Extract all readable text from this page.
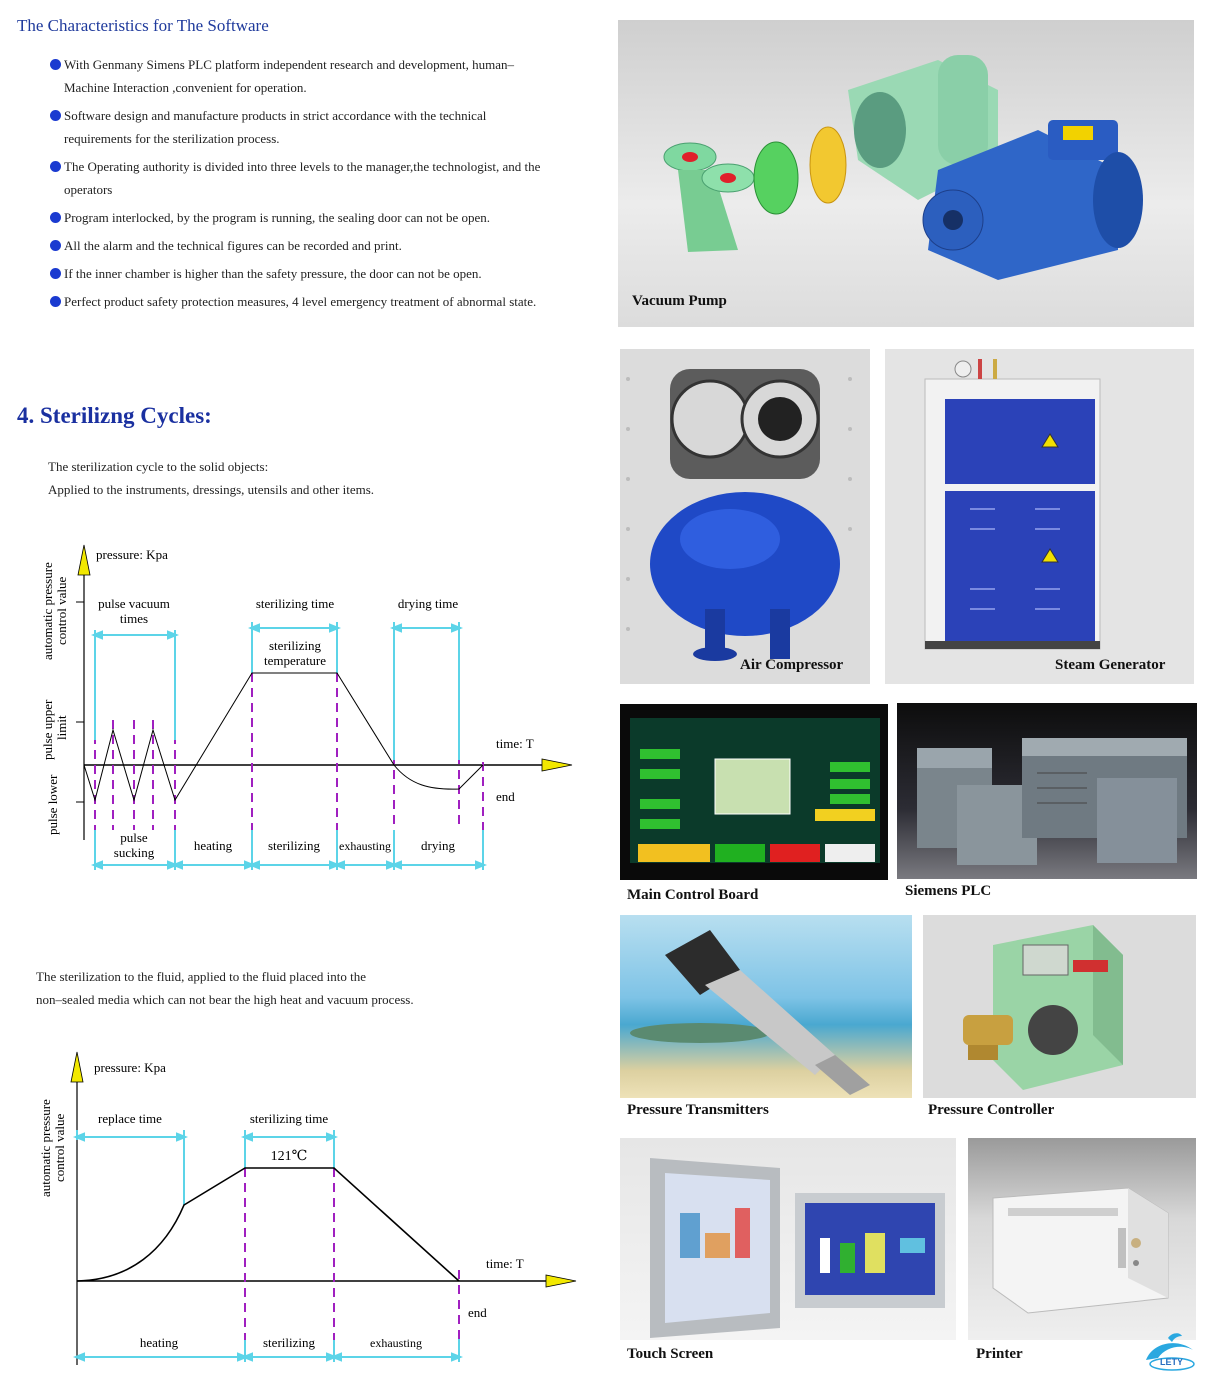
The Characteristics for The Software
With Genmany Simens PLC platform independent research and development, human–
Machine Interaction ,convenient for operation.
Software design and manufacture products in strict accordance with the technical
requirements for the sterilization process.
The Operating authority is divided into three levels to the manager,the technologist, and the
operators
Program interlocked, by the program is running, the sealing door can not be open.
All the alarm and the technical figures can be recorded and print.
If the inner chamber is higher than the safety pressure, the door can not be open.
Perfect product safety protection measures, 4 level emergency treatment of abnormal state.
4. Sterilizng Cycles:
The sterilization cycle to the solid objects:
Applied to the instruments, dressings, utensils and other items.
The sterilization to the fluid, applied to the fluid placed into the
non–sealed media which can not bear the high heat and vacuum process.
pressure: Kpa
automatic pressure control value
pulse upper limit
pulse lower
pulse vacuum
times
sterilizing time	drying time
sterilizing
temperature
time: T
end
pulse
sucking	heating	sterilizing exhausting drying
pressure: Kpa
automatic pressure control value replace time	sterilizing time
121℃
time: T
end
heating	sterilizing	exhausting
Vacuum Pump
Air Compressor	Steam Generator
Main Control Board	Siemens PLC
Pressure Transmitters	Pressure Controller
Touch Screen	Printer	LETY
